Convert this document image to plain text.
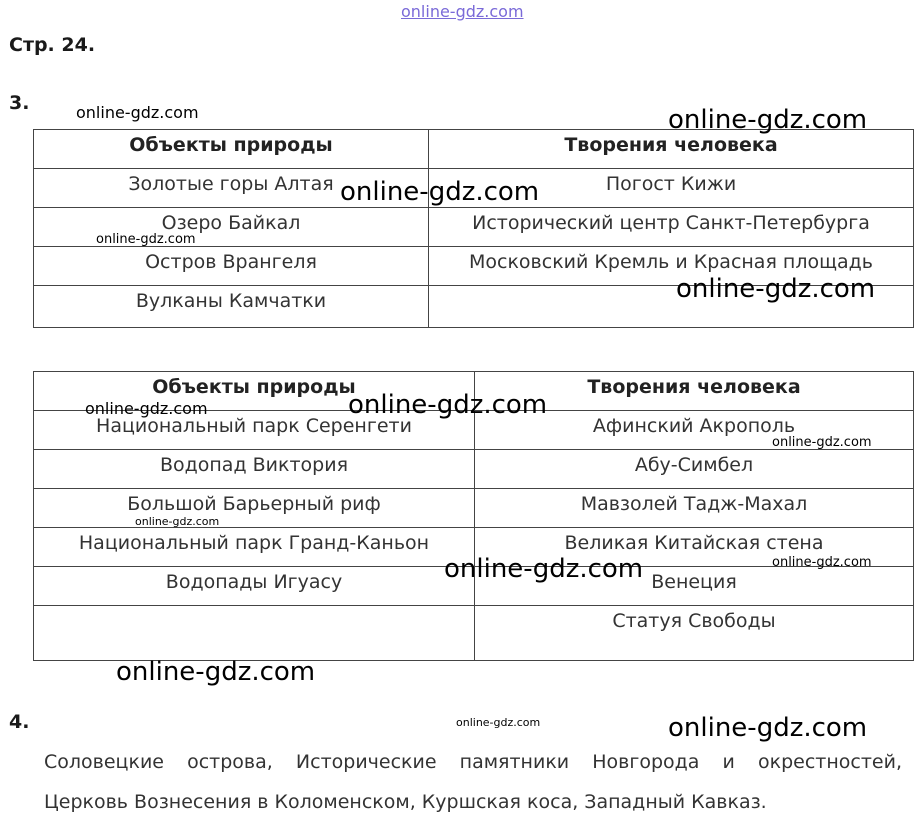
online-gdz.com
Стр. 24.
3.
Объекты природы	Творения человека
Золотые горы Алтая	Погост Кижи
Озеро Байкал	Исторический центр Санкт-Петербурга
Остров Врангеля	Московский Кремль и Красная площадь
Вулканы Камчатки	
Объекты природы	Творения человека
Национальный парк Серенгети	Афинский Акрополь
Водопад Виктория	Абу-Симбел
Большой Барьерный риф	Мавзолей Тадж-Махал
Национальный парк Гранд-Каньон	Великая Китайская стена
Водопады Игуасу	Венеция
	Статуя Свободы
4.
Соловецкие острова, Исторические памятники Новгорода и окрестностей,
Церковь Вознесения в Коломенском, Куршская коса, Западный Кавказ.
online-gdz.com	online-gdz.com
online-gdz.com
online-gdz.com
online-gdz.com
online-gdz.com
online-gdz.com
online-gdz.com
online-gdz.com
online-gdz.com
online-gdz.com
online-gdz.com
online-gdz.com	online-gdz.com
